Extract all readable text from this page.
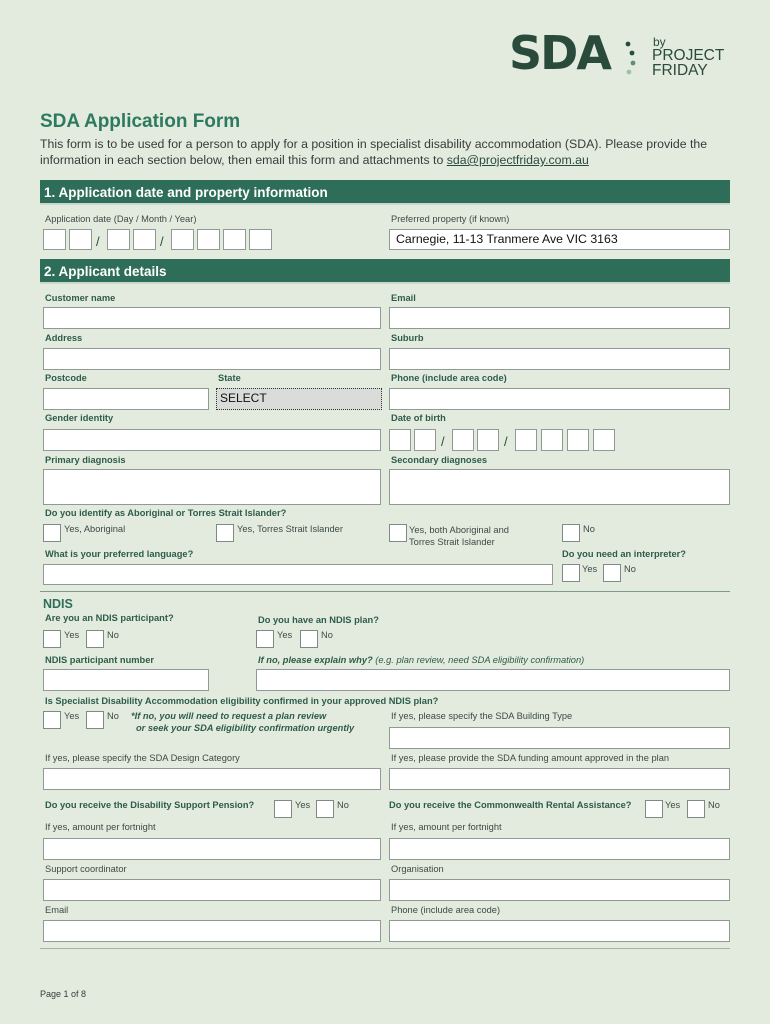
SDA	by
PROJECT
FRIDAY
SDA Application Form
This form is to be used for a person to apply for a position in specialist disability accommodation (SDA). Please provide the information in each section below, then email this form and attachments to sda@projectfriday.com.au
1. Application date and property information
Application date (Day / Month / Year)	Preferred property (if known)
/	/	Carnegie, 11-13 Tranmere Ave VIC 3163
2. Applicant details
Customer name	Email
Address	Suburb
Postcode	State	Phone (include area code)
SELECT
Gender identity	Date of birth
/	/
Primary diagnosis	Secondary diagnoses
Do you identify as Aboriginal or Torres Strait Islander?
Yes, Aboriginal	Yes, Torres Strait Islander	Yes, both Aboriginal and
Torres Strait Islander
No
What is your preferred language?	Do you need an interpreter?
Yes	No
NDIS
Are you an NDIS participant?	Do you have an NDIS plan?
Yes	No	Yes	No
NDIS participant number	If no, please explain why? (e.g. plan review, need SDA eligibility confirmation)
Is Specialist Disability Accommodation eligibility confirmed in your approved NDIS plan?
Yes	No *If no, you will need to request a plan review
or seek your SDA eligibility confirmation urgently
If yes, please specify the SDA Building Type
If yes, please specify the SDA Design Category	If yes, please provide the SDA funding amount approved in the plan
Do you receive the Disability Support Pension?	Yes	No	Do you receive the Commonwealth Rental Assistance?	Yes	No
If yes, amount per fortnight	If yes, amount per fortnight
Support coordinator	Organisation
Email	Phone (include area code)
Page 1 of 8
